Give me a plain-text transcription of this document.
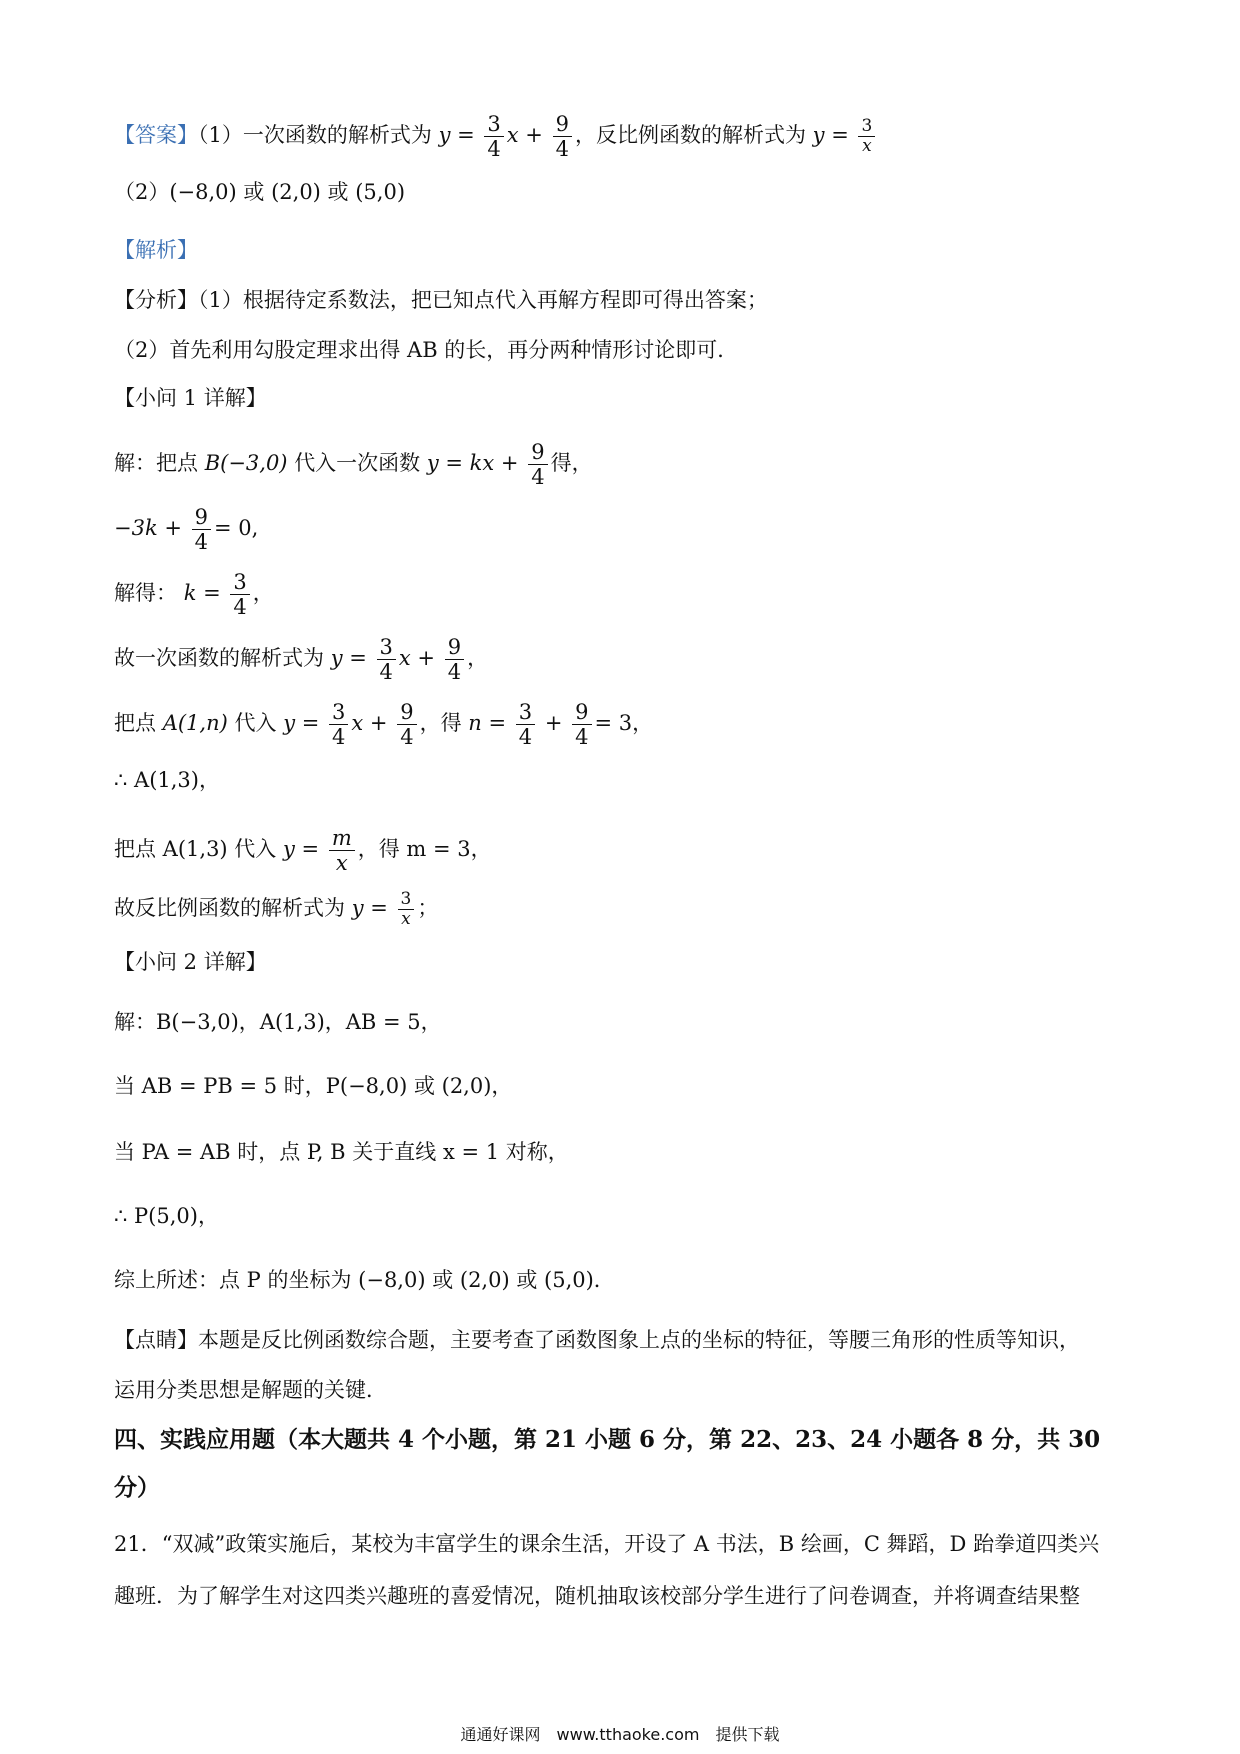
【答案】（1）一次函数的解析式为 $y = \frac{3}{4}$ $x + \frac{9}{4}$ ，反比例函数的解析式为 $y = \frac{3}{x}$
（2）(−8,0) 或 (2,0) 或 (5,0)
【解析】
【分析】（1）根据待定系数法，把已知点代入再解方程即可得出答案；
（2）首先利用勾股定理求出得 AB 的长，再分两种情形讨论即可．
【小问 1 详解】
解：把点 B(−3,0) 代入一次函数 y = kx + $\frac{9}{4}$ 得，
$-3k + \frac{9}{4} = 0$,
解得： $k = \frac{3}{4}$ ，
故一次函数的解析式为 $y = \frac{3}{4}$ $x + \frac{9}{4}$ ，
把点 A(1,n) 代入 $y = \frac{3}{4}$ $x + \frac{9}{4}$ ，得 $n = \frac{3}{4} + \frac{9}{4} = 3$，
∴ A(1,3)，
把点 A(1,3) 代入 $y = \frac{m}{x}$ ，得 m = 3，
故反比例函数的解析式为 $y = \frac{3}{x}$ ；
【小问 2 详解】
解：B(−3,0)，A(1,3)，AB = 5，
当 AB = PB = 5 时，P(−8,0) 或 (2,0)，
当 PA = AB 时，点 P, B 关于直线 x = 1 对称，
∴ P(5,0)，
综上所述：点 P 的坐标为 (−8,0) 或 (2,0) 或 (5,0)．
【点睛】本题是反比例函数综合题，主要考查了函数图象上点的坐标的特征，等腰三角形的性质等知识，
运用分类思想是解题的关键．
四、实践应用题（本大题共 4 个小题，第 21 小题 6 分，第 22、23、24 小题各 8 分，共 30
分）
21．“双减”政策实施后，某校为丰富学生的课余生活，开设了 A 书法，B 绘画，C 舞蹈，D 跆拳道四类兴
趣班．为了解学生对这四类兴趣班的喜爱情况，随机抽取该校部分学生进行了问卷调查，并将调查结果整
通通好课网　www.tthaoke.com　提供下载
